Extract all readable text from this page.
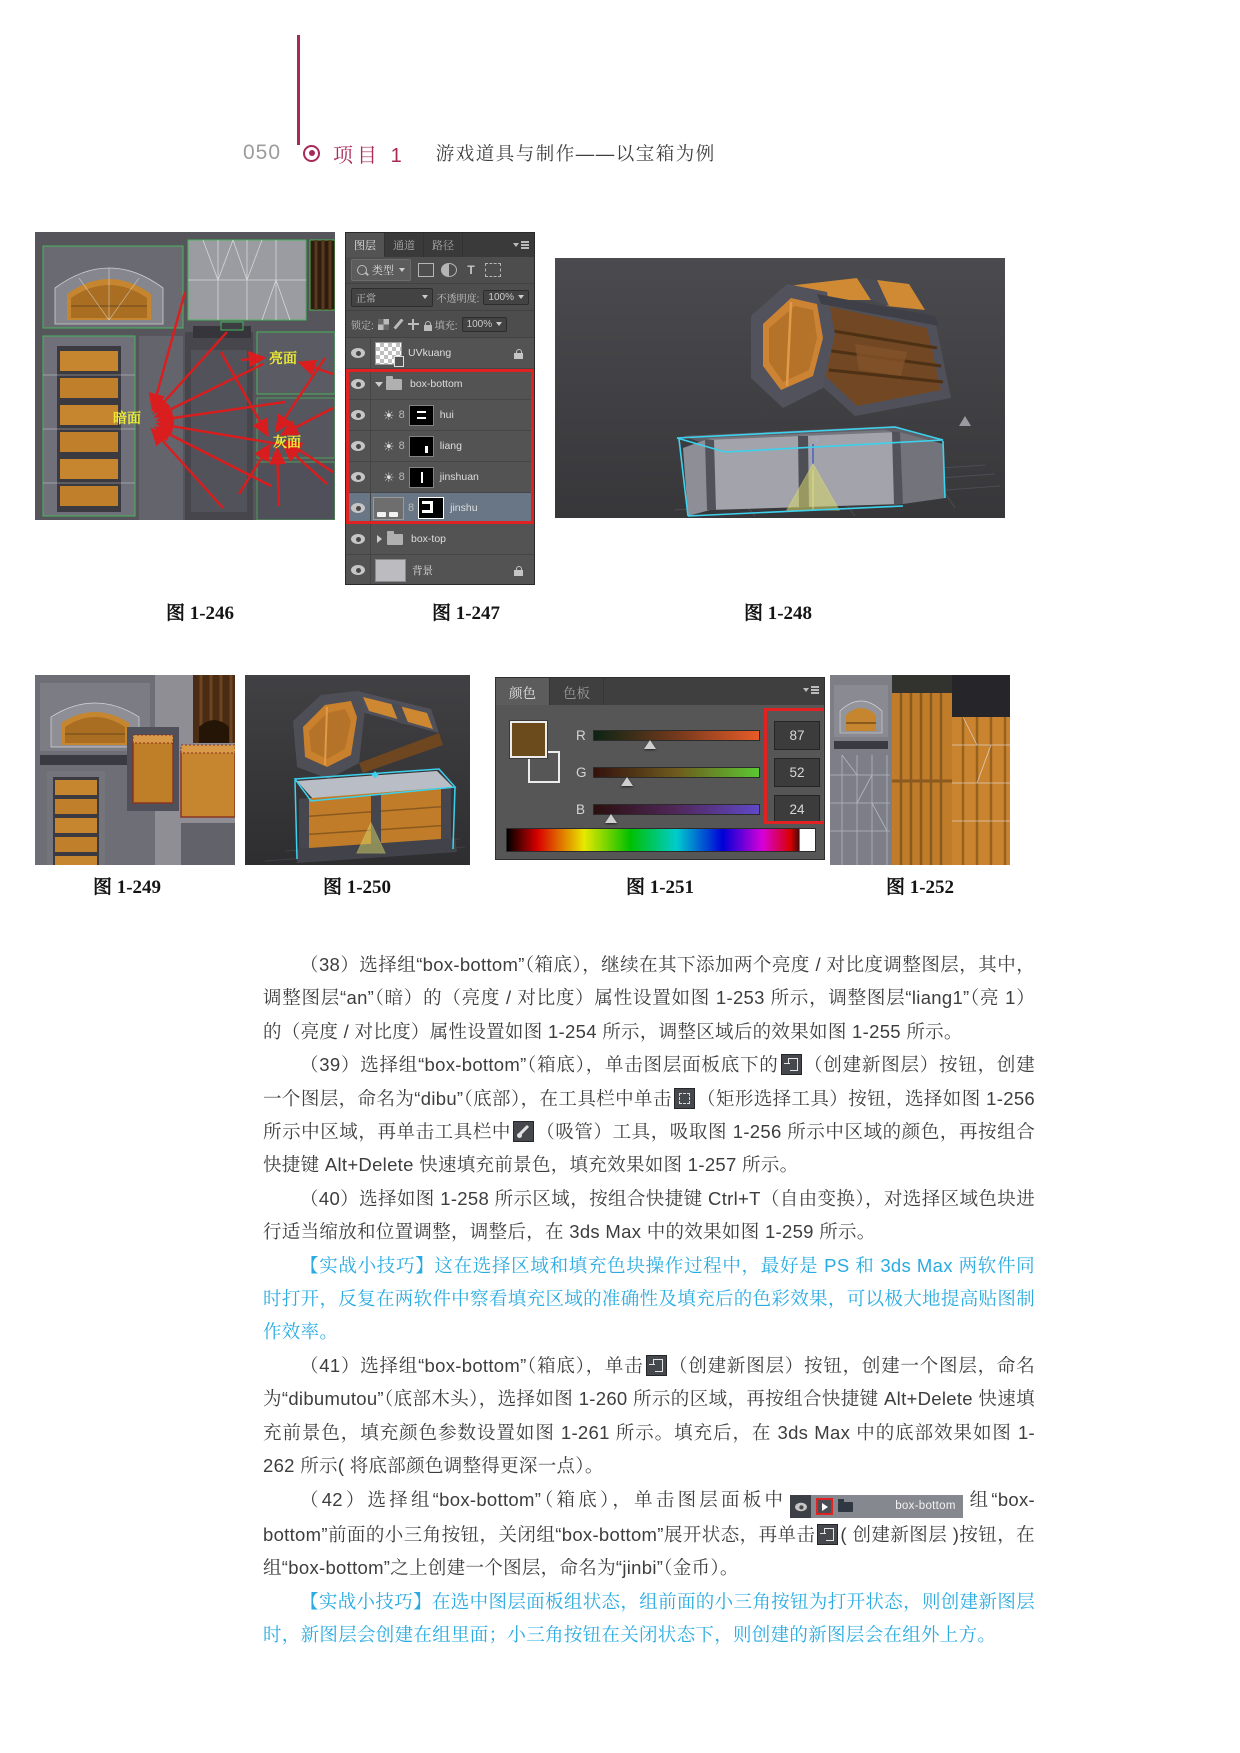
050	项目 1 游戏道具与制作——以宝箱为例
亮面
暗面
灰面
图层	通道	路径
类型	T
正常	不透明度: 100%
锁定:	填充: 100%
UVkuang
box-bottom
☀ 8	hui
☀ 8	liang
☀ 8	jinshuan
8	jinshu
box-top
背景
z
图 1-246	图 1-247	图 1-248
颜色	色板
R	87
G	52
B	24
图 1-249	图 1-250	图 1-251	图 1-252

（38）选择组“box-bottom”（箱底），继续在其下添加两个亮度 / 对比度调整图层，其中，调整图层“an”（暗）的（亮度 / 对比度）属性设置如图 1-253 所示，调整图层“liang1”（亮 1）的（亮度 / 对比度）属性设置如图 1-254 所示，调整区域后的效果如图 1-255 所示。

（39）选择组“box-bottom”（箱底），单击图层面板底下的 （创建新图层）按钮，创建一个图层，命名为“dibu”（底部），在工具栏中单击 （矩形选择工具）按钮，选择如图 1-256 所示中区域，再单击工具栏中 （吸管）工具，吸取图 1-256 所示中区域的颜色，再按组合快捷键 Alt+Delete 快速填充前景色，填充效果如图 1-257 所示。

（40）选择如图 1-258 所示区域，按组合快捷键 Ctrl+T（自由变换），对选择区域色块进行适当缩放和位置调整，调整后，在 3ds Max 中的效果如图 1-259 所示。

【实战小技巧】这在选择区域和填充色块操作过程中，最好是 PS 和 3ds Max 两软件同时打开，反复在两软件中察看填充区域的准确性及填充后的色彩效果，可以极大地提高贴图制作效率。

（41）选择组“box-bottom”（箱底），单击 （创建新图层）按钮，创建一个图层，命名为“dibumutou”（底部木头），选择如图 1-260 所示的区域，再按组合快捷键 Alt+Delete 快速填充前景色，填充颜色参数设置如图 1-261 所示。填充后，在 3ds Max 中的底部效果如图 1-262 所示( 将底部颜色调整得更深一点）。

（42）选择组“box-bottom”（箱底），单击图层面板中	box-bottom 组“box-bottom”前面的小三角按钮，关闭组“box-bottom”展开状态，再单击 ( 创建新图层 )按钮，在组“box-bottom”之上创建一个图层，命名为“jinbi”（金币）。

【实战小技巧】在选中图层面板组状态，组前面的小三角按钮为打开状态，则创建新图层时，新图层会创建在组里面；小三角按钮在关闭状态下，则创建的新图层会在组外上方。
